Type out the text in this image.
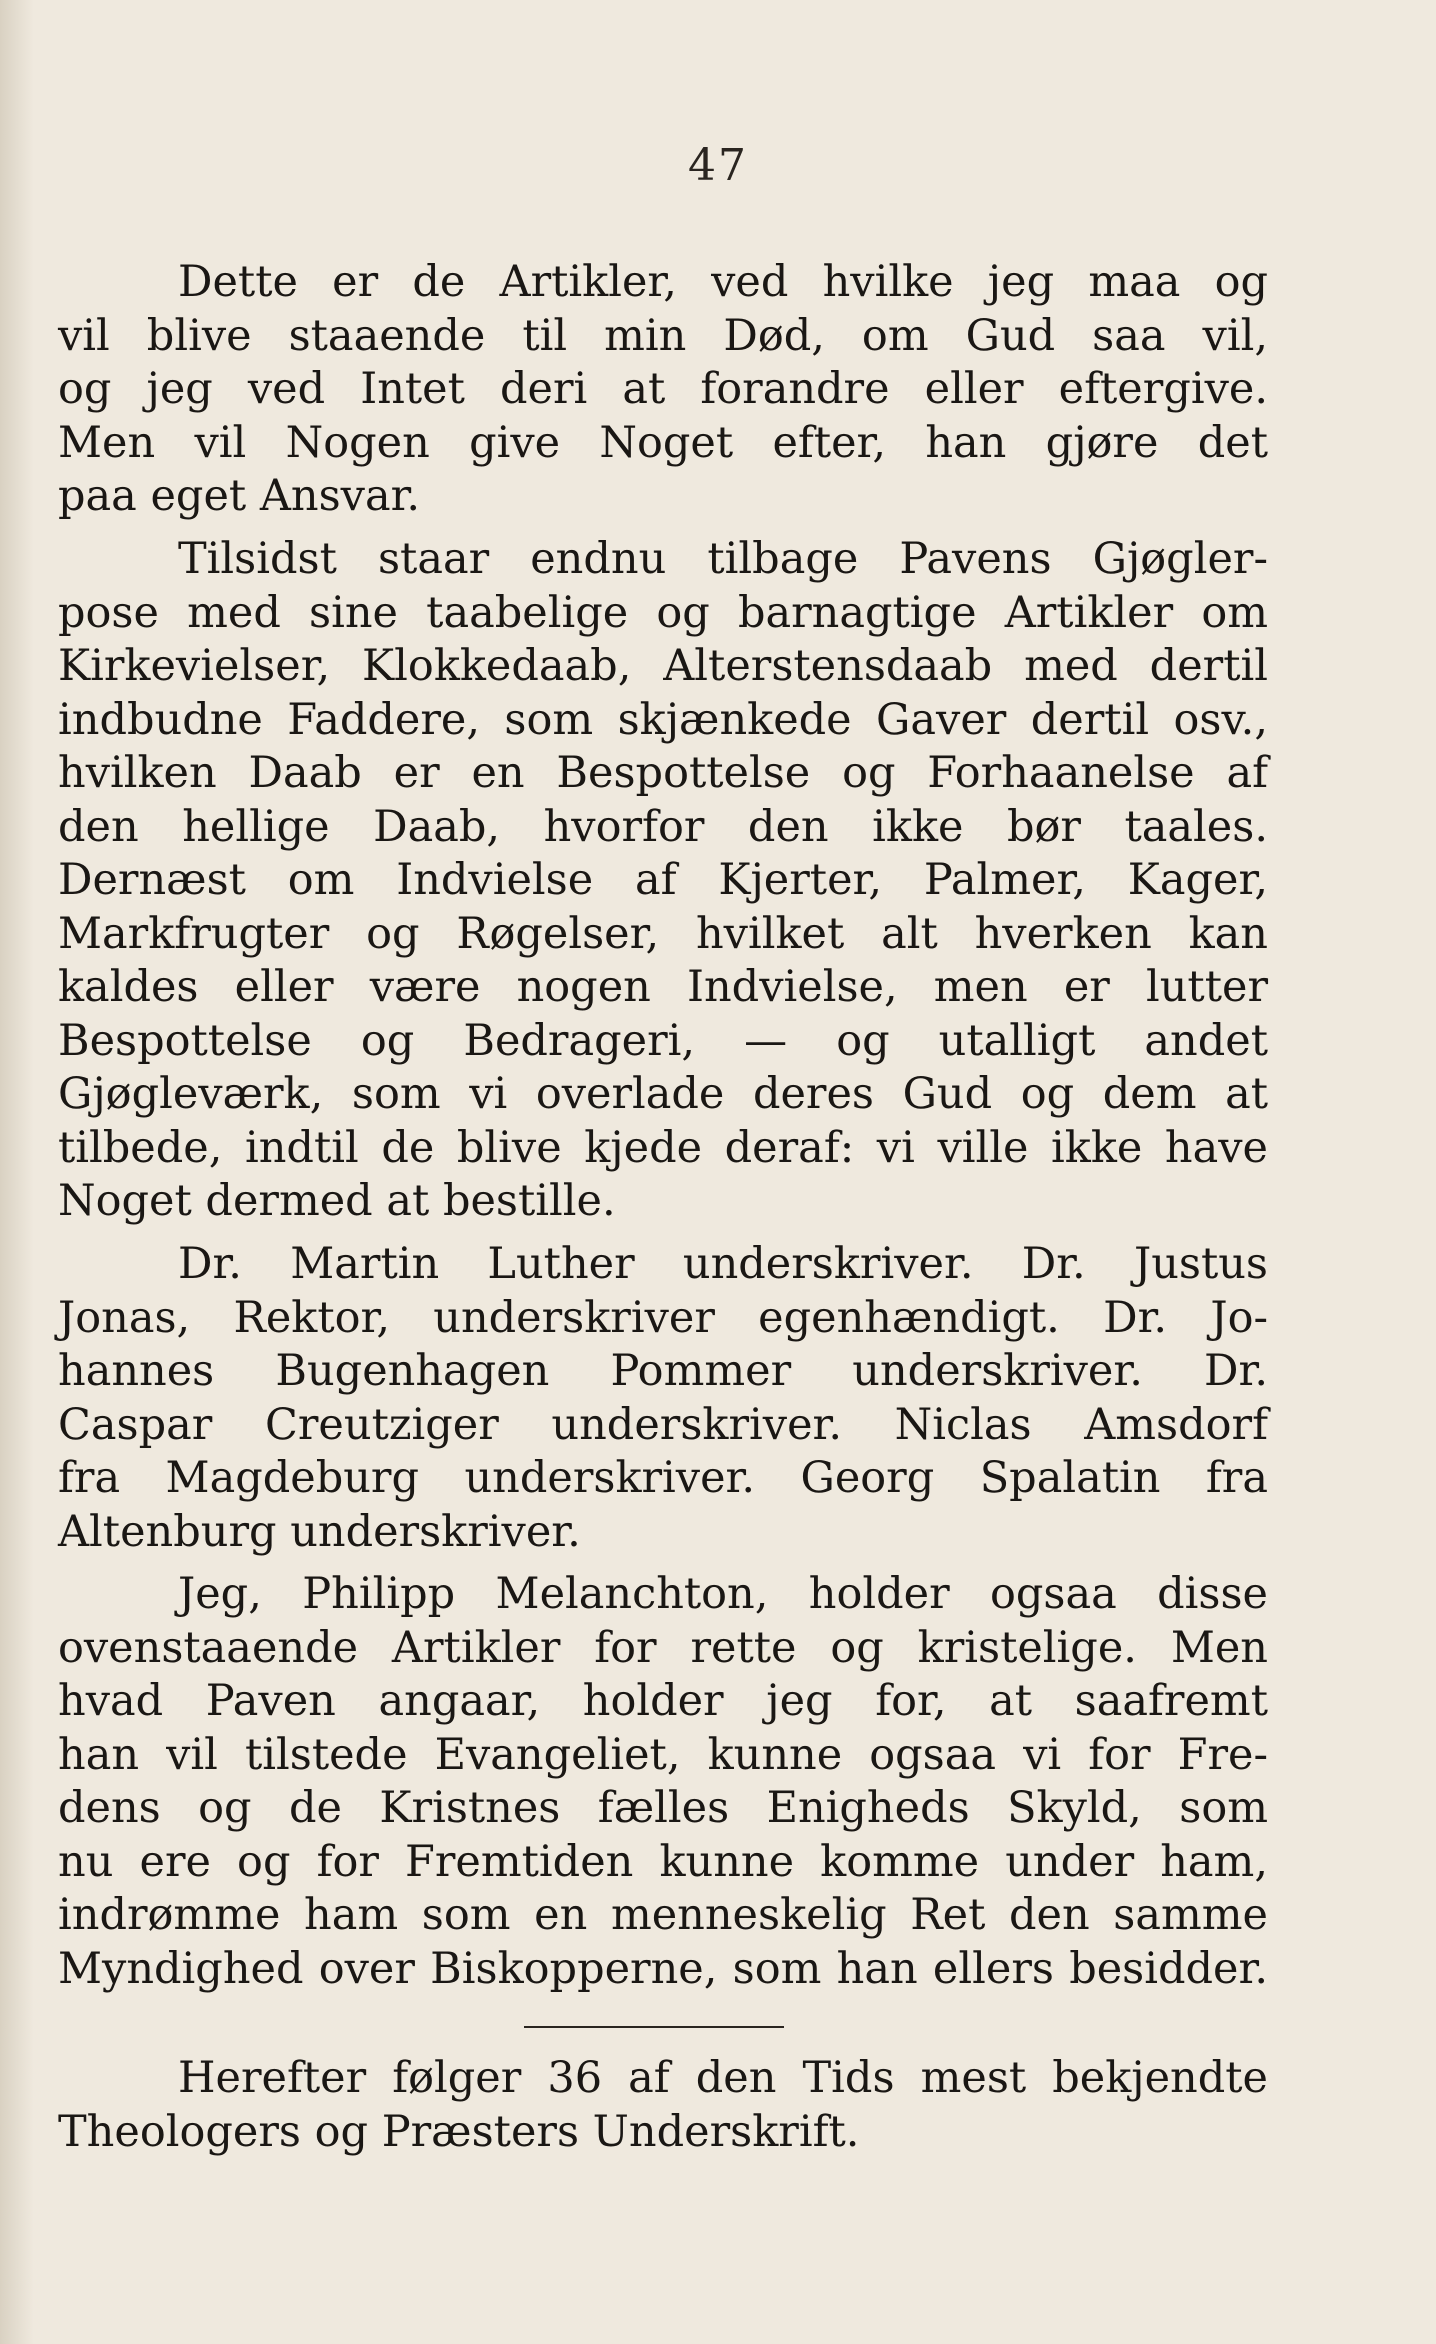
47
Dette er de Artikler, ved hvilke jeg maa og
vil blive staaende til min Død, om Gud saa vil,
og jeg ved Intet deri at forandre eller eftergive.
Men vil Nogen give Noget efter, han gjøre det
paa eget Ansvar.
Tilsidst staar endnu tilbage Pavens Gjøgler-
pose med sine taabelige og barnagtige Artikler om
Kirkevielser, Klokkedaab, Alterstensdaab med dertil
indbudne Faddere, som skjænkede Gaver dertil osv.,
hvilken Daab er en Bespottelse og Forhaanelse af
den hellige Daab, hvorfor den ikke bør taales.
Dernæst om Indvielse af Kjerter, Palmer, Kager,
Markfrugter og Røgelser, hvilket alt hverken kan
kaldes eller være nogen Indvielse, men er lutter
Bespottelse og Bedrageri, — og utalligt andet
Gjøgleværk, som vi overlade deres Gud og dem at
tilbede, indtil de blive kjede deraf: vi ville ikke have
Noget dermed at bestille.
Dr. Martin Luther underskriver. Dr. Justus
Jonas, Rektor, underskriver egenhændigt. Dr. Jo-
hannes Bugenhagen Pommer underskriver. Dr.
Caspar Creutziger underskriver. Niclas Amsdorf
fra Magdeburg underskriver. Georg Spalatin fra
Altenburg underskriver.
Jeg, Philipp Melanchton, holder ogsaa disse
ovenstaaende Artikler for rette og kristelige. Men
hvad Paven angaar, holder jeg for, at saafremt
han vil tilstede Evangeliet, kunne ogsaa vi for Fre-
dens og de Kristnes fælles Enigheds Skyld, som
nu ere og for Fremtiden kunne komme under ham,
indrømme ham som en menneskelig Ret den samme
Myndighed over Biskopperne, som han ellers besidder.
Herefter følger 36 af den Tids mest bekjendte
Theologers og Præsters Underskrift.
